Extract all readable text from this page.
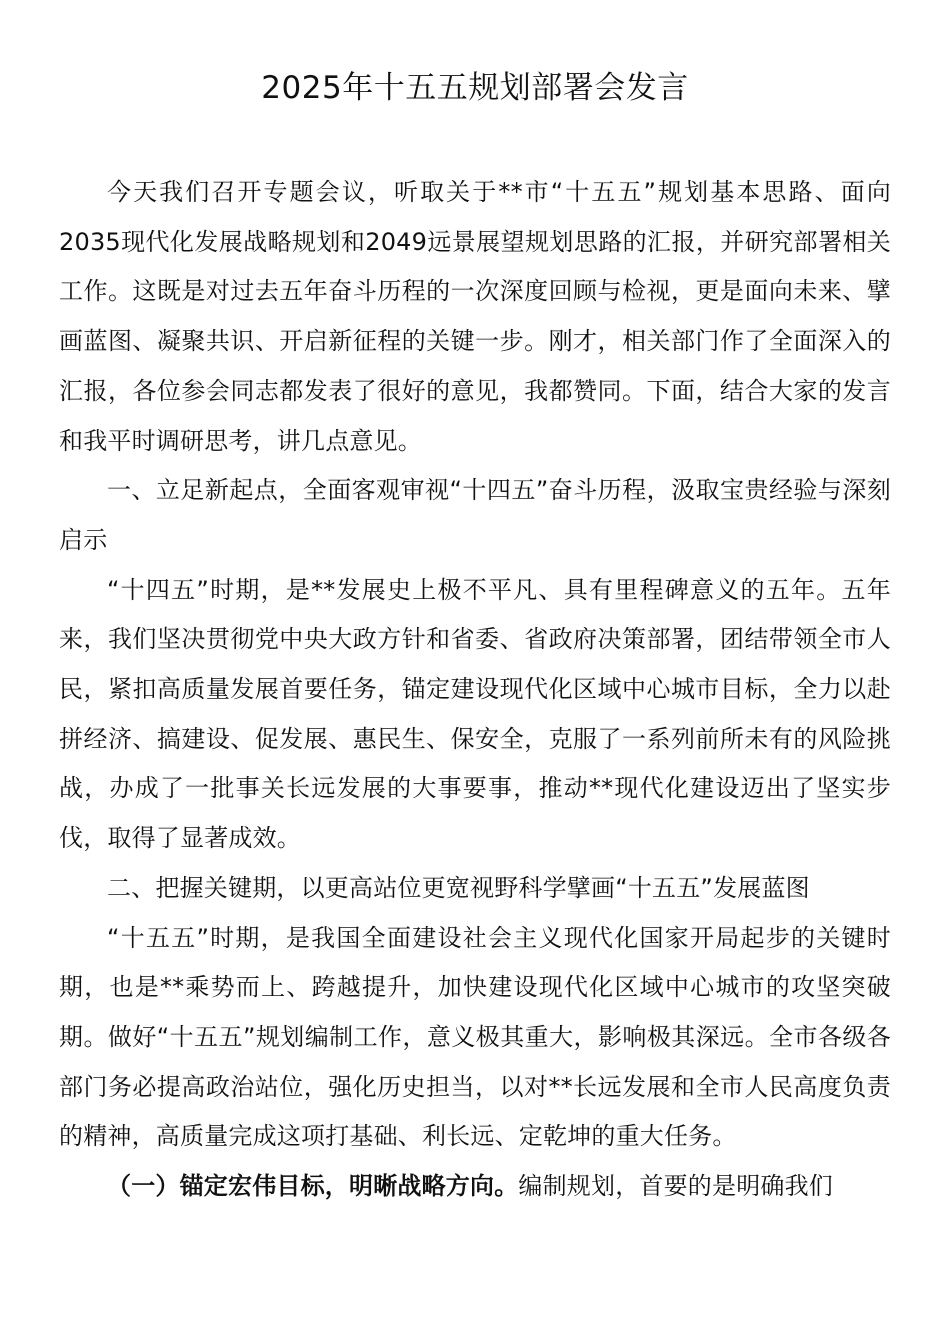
2025年十五五规划部署会发言

今天我们召开专题会议，听取关于**市“十五五”规划基本思路、面向2035现代化发展战略规划和2049远景展望规划思路的汇报，并研究部署相关工作。这既是对过去五年奋斗历程的一次深度回顾与检视，更是面向未来、擘画蓝图、凝聚共识、开启新征程的关键一步。刚才，相关部门作了全面深入的汇报，各位参会同志都发表了很好的意见，我都赞同。下面，结合大家的发言和我平时调研思考，讲几点意见。

一、立足新起点，全面客观审视“十四五”奋斗历程，汲取宝贵经验与深刻启示

“十四五”时期，是**发展史上极不平凡、具有里程碑意义的五年。五年来，我们坚决贯彻党中央大政方针和省委、省政府决策部署，团结带领全市人民，紧扣高质量发展首要任务，锚定建设现代化区域中心城市目标，全力以赴拼经济、搞建设、促发展、惠民生、保安全，克服了一系列前所未有的风险挑战，办成了一批事关长远发展的大事要事，推动**现代化建设迈出了坚实步伐，取得了显著成效。

二、把握关键期，以更高站位更宽视野科学擘画“十五五”发展蓝图

“十五五”时期，是我国全面建设社会主义现代化国家开局起步的关键时期，也是**乘势而上、跨越提升，加快建设现代化区域中心城市的攻坚突破期。做好“十五五”规划编制工作，意义极其重大，影响极其深远。全市各级各部门务必提高政治站位，强化历史担当，以对**长远发展和全市人民高度负责的精神，高质量完成这项打基础、利长远、定乾坤的重大任务。

（一）锚定宏伟目标，明晰战略方向。编制规划，首要的是明确我们
